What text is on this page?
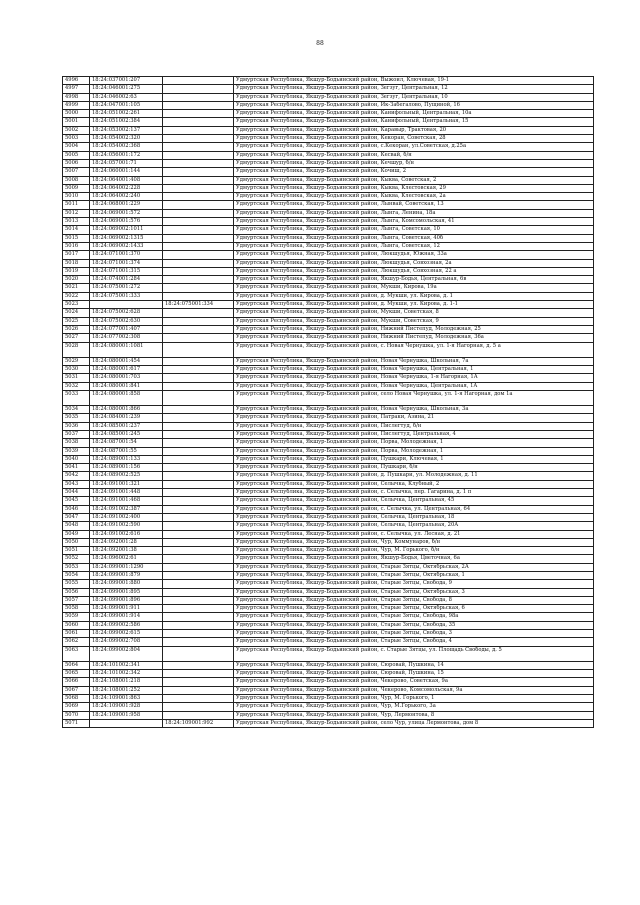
88
4996	18:24:037001:207		Удмуртская Республика, Якшур-Бодьинский район, Выжоил, Ключевая, 19-1
4997	18:24:046001:275		Удмуртская Республика, Якшур-Бодьинский район, Зегзуг, Центральная, 12
4998	18:24:046002:63		Удмуртская Республика, Якшур-Бодьинский район, Зегзуг, Центральная, 10
4999	18:24:047001:105		Удмуртская Республика, Якшур-Бодьинский район, Ик-Забегалово, Пущиной, 16
5000	18:24:051002:261		Удмуртская Республика, Якшур-Бодьинский район, Канифольный, Центральная, 10а
5001	18:24:051002:384		Удмуртская Республика, Якшур-Бодьинский район, Канифольный, Центральная, 15
5002	18:24:053002:137		Удмуртская Республика, Якшур-Бодьинский район, Каравыр, Трактовая, 20
5003	18:24:054002:320		Удмуртская Республика, Якшур-Бодьинский район, Кекоран, Советская, 28
5004	18:24:054002:368		Удмуртская Республика, Якшур-Бодьинский район, с.Кекоран, ул.Советская, д.25а
5005	18:24:056001:172		Удмуртская Республика, Якшур-Бодьинский район, Кесвай, б/н
5006	18:24:057001:71		Удмуртская Республика, Якшур-Бодьинский район, Кечшур, б/н
5007	18:24:060001:144		Удмуртская Республика, Якшур-Бодьинский район, Кочиш, 2
5008	18:24:064001:408		Удмуртская Республика, Якшур-Бодьинский район, Кыква, Советская, 2
5009	18:24:064002:228		Удмуртская Республика, Якшур-Бодьинский район, Кыква, Клестовская, 29
5010	18:24:064002:240		Удмуртская Республика, Якшур-Бодьинский район, Кыква, Клестовская, 2а
5011	18:24:068001:229		Удмуртская Республика, Якшур-Бодьинский район, Лынвай, Советская, 13
5012	18:24:069001:572		Удмуртская Республика, Якшур-Бодьинский район, Лынга, Ленина, 18а
5013	18:24:069001:576		Удмуртская Республика, Якшур-Бодьинский район, Лынга, Комсомольская, 41
5014	18:24:069002:1011		Удмуртская Республика, Якшур-Бодьинский район, Лынга, Советская, 10
5015	18:24:069002:1315		Удмуртская Республика, Якшур-Бодьинский район, Лынга, Советская, 40б
5016	18:24:069002:1433		Удмуртская Республика, Якшур-Бодьинский район, Лынга, Советская, 12
5017	18:24:071001:370		Удмуртская Республика, Якшур-Бодьинский район, Люкшудья, Южная, 33а
5018	18:24:071001:374		Удмуртская Республика, Якшур-Бодьинский район, Люкшудья, Совхозная, 2а
5019	18:24:071001:315		Удмуртская Республика, Якшур-Бодьинский район, Люкшудья, Совхозная, 22 а
5020	18:24:074001:284		Удмуртская Республика, Якшур-Бодьинский район, Якшур-Бодья, Центральная, 6в
5021	18:24:075001:272		Удмуртская Республика, Якшур-Бодьинский район, Мукши, Кирова, 19а
5022	18:24:075001:333		Удмуртская Республика, Якшур-Бодьинский район, д. Мукши, ул. Кирова, д. 1
5023		18:24:075001:334	Удмуртская Республика, Якшур-Бодьинский район, д. Мукши, ул. Кирова, д. 1-1
5024	18:24:075002:628		Удмуртская Республика, Якшур-Бодьинский район, Мукши, Советская, 8
5025	18:24:075002:630		Удмуртская Республика, Якшур-Бодьинский район, Мукши, Советская, 9
5026	18:24:077001:407		Удмуртская Республика, Якшур-Бодьинский район, Нижний Пистепуд, Молодежная, 25
5027	18:24:077002:308		Удмуртская Республика, Якшур-Бодьинский район, Нижний Пистепуд, Молодежная, 36а
5028	18:24:080001:1081		Удмуртская Республика, Якшур-Бодьинский район, с. Новая Чернушка, ул. 1-я Нагорная, д. 5 а
5029	18:24:080001:454		Удмуртская Республика, Якшур-Бодьинский район, Новая Чернушка, Школьная, 7а
5030	18:24:080001:617		Удмуртская Республика, Якшур-Бодьинский район, Новая Чернушка, Центральная, 1
5031	18:24:080001:703		Удмуртская Республика, Якшур-Бодьинский район, Новая Чернушка, 1-я Нагорная, 1А
5032	18:24:080001:841		Удмуртская Республика, Якшур-Бодьинский район, Новая Чернушка, Центральная, 1А
5033	18:24:080001:858		Удмуртская Республика, Якшур-Бодьинский район, село Новая Чернушка, ул. 1-я Нагорная, дом 1а
5034	18:24:080001:866		Удмуртская Республика, Якшур-Бодьинский район, Новая Чернушка, Школьная, 3а
5035	18:24:084001:239		Удмуртская Республика, Якшур-Бодьинский район, Патраки, Азина, 21
5036	18:24:085001:237		Удмуртская Республика, Якшур-Бодьинский район, Пислегтуд, б/н
5037	18:24:085001:245		Удмуртская Республика, Якшур-Бодьинский район, Пислегтуд, Центральная, 4
5038	18:24:087001:54		Удмуртская Республика, Якшур-Бодьинский район, Порва, Молодежная, 1
5039	18:24:087001:55		Удмуртская Республика, Якшур-Бодьинский район, Порва, Молодежная, 1
5040	18:24:089001:133		Удмуртская Республика, Якшур-Бодьинский район, Пушкари, Ключевая, 1
5041	18:24:089001:156		Удмуртская Республика, Якшур-Бодьинский район, Пушкари, б/н
5042	18:24:089002:525		Удмуртская Республика, Якшур-Бодьинский район, д. Пушкари, ул. Молодежная, д. 11
5043	18:24:091001:321		Удмуртская Республика, Якшур-Бодьинский район, Селычка, Клубный, 2
5044	18:24:091001:448		Удмуртская Республика, Якшур-Бодьинский район, с. Селычка, пер. Гагарина, д. 1 п
5045	18:24:091001:468		Удмуртская Республика, Якшур-Бодьинский район, Селычка, Центральная, 45
5046	18:24:091002:387		Удмуртская Республика, Якшур-Бодьинский район, с. Селычка, ул. Центральная, 64
5047	18:24:091002:400		Удмуртская Республика, Якшур-Бодьинский район, Селычка, Центральная, 18
5048	18:24:091002:590		Удмуртская Республика, Якшур-Бодьинский район, Селычка, Центральная, 20А
5049	18:24:091002:616		Удмуртская Республика, Якшур-Бодьинский район, с. Селычка, ул. Лесная, д. 21
5050	18:24:092001:28		Удмуртская Республика, Якшур-Бодьинский район, Чур, Коммунаров, б/н
5051	18:24:092001:38		Удмуртская Республика, Якшур-Бодьинский район, Чур, М. Горького, б/н
5052	18:24:096002:61		Удмуртская Республика, Якшур-Бодьинский район, Якшур-Бодья, Цветочная, 6а
5053	18:24:099001:1290		Удмуртская Республика, Якшур-Бодьинский район, Старые Зятцы, Октябрьская, 2А
5054	18:24:099001:879		Удмуртская Республика, Якшур-Бодьинский район, Старые Зятцы, Октябрьская, 1
5055	18:24:099001:880		Удмуртская Республика, Якшур-Бодьинский район, Старые Зятцы, Свобода, 9
5056	18:24:099001:895		Удмуртская Республика, Якшур-Бодьинский район, Старые Зятцы, Октябрьская, 3
5057	18:24:099001:896		Удмуртская Республика, Якшур-Бодьинский район, Старые Зятцы, Свобода, 8
5058	18:24:099001:911		Удмуртская Республика, Якшур-Бодьинский район, Старые Зятцы, Октябрьская, 6
5059	18:24:099001:914		Удмуртская Республика, Якшур-Бодьинский район, Старые Зятцы, Свобода, 98а
5060	18:24:099002:586		Удмуртская Республика, Якшур-Бодьинский район, Старые Зятцы, Свобода, 35
5061	18:24:099002:615		Удмуртская Республика, Якшур-Бодьинский район, Старые Зятцы, Свобода, 3
5062	18:24:099002:708		Удмуртская Республика, Якшур-Бодьинский район, Старые Зятцы, Свобода, 4
5063	18:24:099002:804		Удмуртская Республика, Якшур-Бодьинский район, с. Старые Зятцы, ул. Площадь Свободы, д. 5
5064	18:24:101002:341		Удмуртская Республика, Якшур-Бодьинский район, Сюровай, Пушкина, 14
5065	18:24:101002:342		Удмуртская Республика, Якшур-Бодьинский район, Сюровай, Пушкина, 15
5066	18:24:108001:218		Удмуртская Республика, Якшур-Бодьинский район, Чекерово, Советская, 9а
5067	18:24:108001:252		Удмуртская Республика, Якшур-Бодьинский район, Чекерово, Комсомольская, 9а
5068	18:24:109001:863		Удмуртская Республика, Якшур-Бодьинский район, Чур, М. Горького, 1
5069	18:24:109001:928		Удмуртская Республика, Якшур-Бодьинский район, Чур, М.Горького, 3а
5070	18:24:109001:958		Удмуртская Республика, Якшур-Бодьинский район, Чур, Лермонтова, 8
5071		18:24:109001:992	Удмуртская Республика, Якшур-Бодьинский район, село Чур, улица Лермонтова, дом 8
